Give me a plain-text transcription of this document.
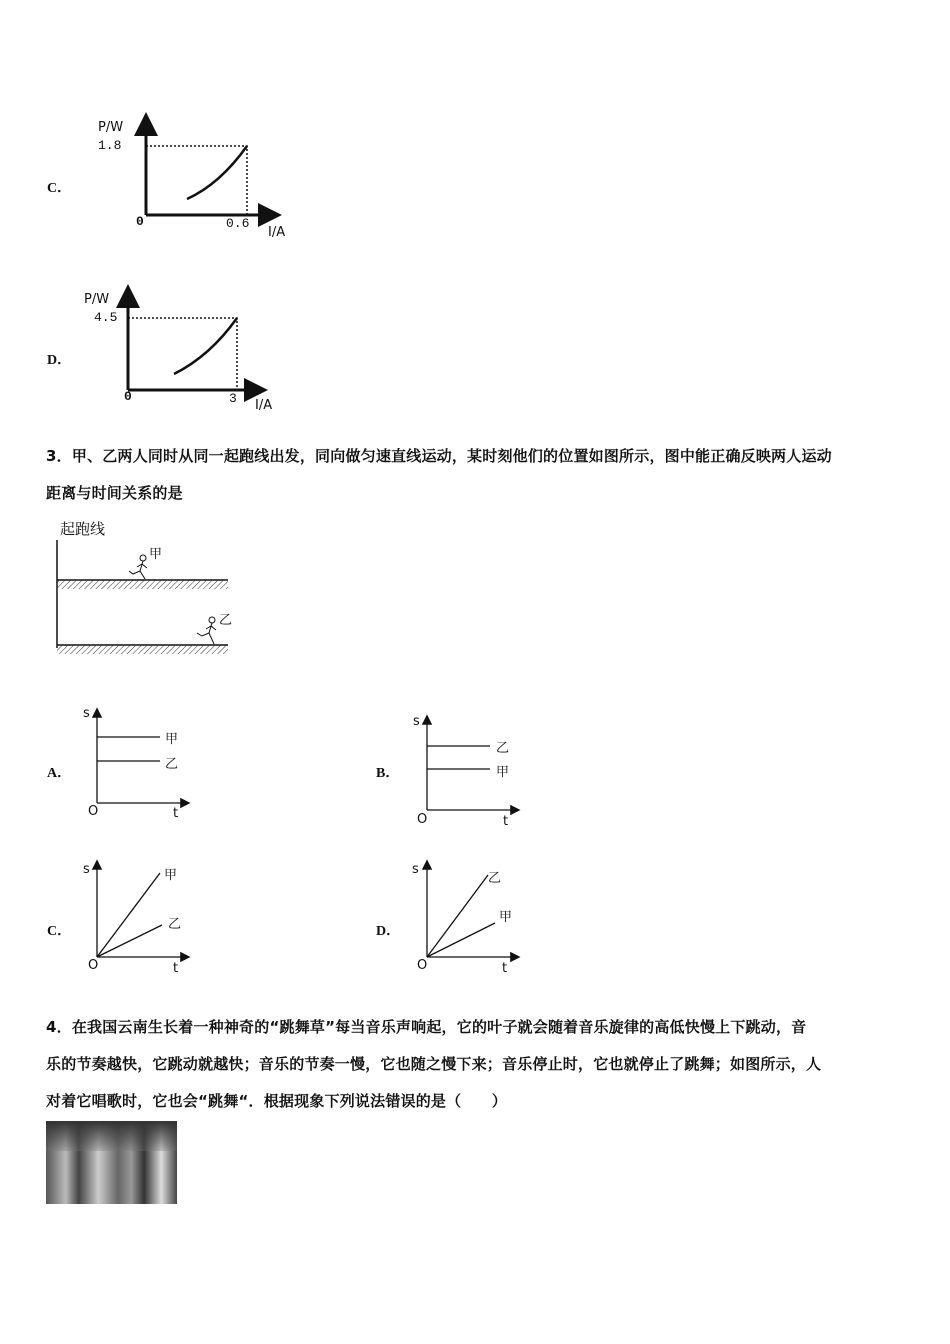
C．
P/W
1.8
0	0.6
I/A
D．
P/W
4.5
0	3 I/A
3．甲、乙两人同时从同一起跑线出发，同向做匀速直线运动，某时刻他们的位置如图所示，图中能正确反映两人运动
距离与时间关系的是
起跑线
甲
乙
A．
s
O	t
甲
乙
B．
s
O	t
乙
甲
C．
s
O	t
甲
乙	D．
s
O	t
乙
甲
4．在我国云南生长着一种神奇的“跳舞草”每当音乐声响起，它的叶子就会随着音乐旋律的高低快慢上下跳动，音
乐的节奏越快，它跳动就越快；音乐的节奏一慢，它也随之慢下来；音乐停止时，它也就停止了跳舞；如图所示，人
对着它唱歌时，它也会“跳舞“．根据现象下列说法错误的是（　　）
